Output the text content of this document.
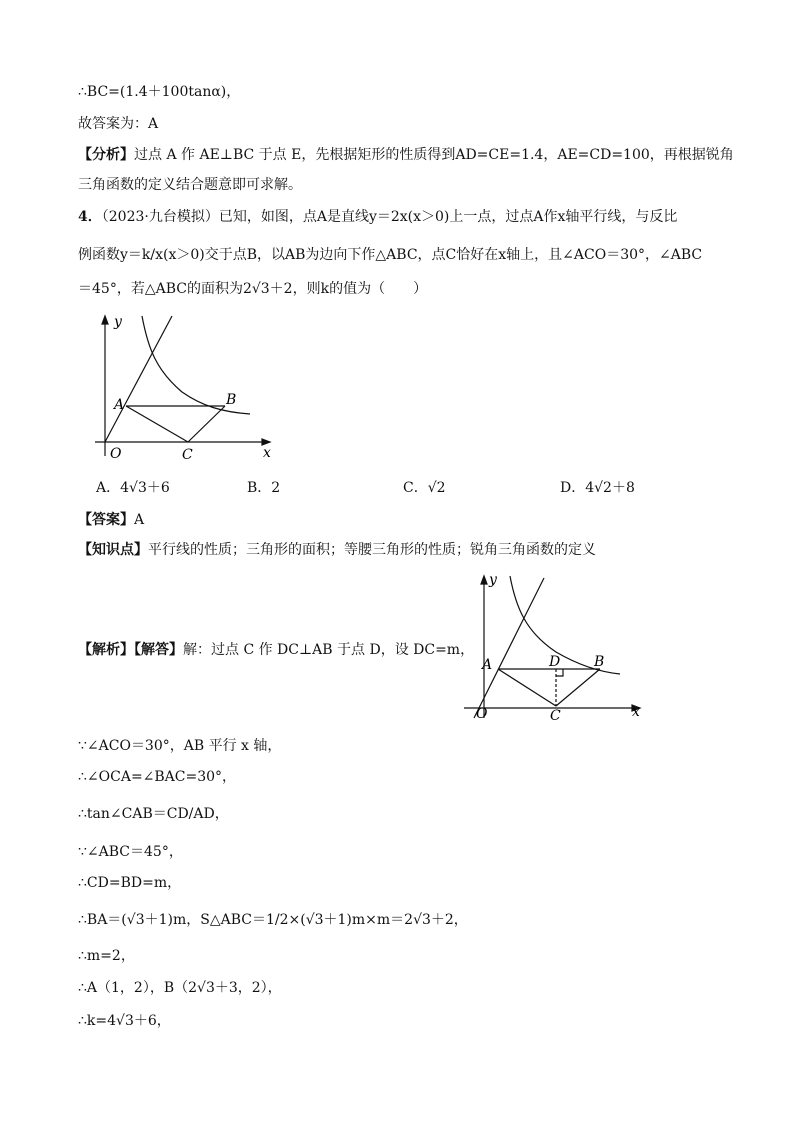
∴BC=(1.4＋100tanα)，
故答案为：A
【分析】过点 A 作 AE⊥BC 于点 E，先根据矩形的性质得到AD=CE=1.4，AE=CD=100，再根据锐角
三角函数的定义结合题意即可求解。
4．（2023·九台模拟）已知，如图，点A是直线y＝2x(x＞0)上一点，过点A作x轴平行线，与反比
例函数y＝k/x(x＞0)交于点B，以AB为边向下作△ABC，点C恰好在x轴上，且∠ACO＝30°，∠ABC
＝45°，若△ABC的面积为2√3＋2，则k的值为（　　）
y
A	B
O	C	x
A．4√3＋6	B．2	C．√2	D．4√2＋8
【答案】A
【知识点】平行线的性质；三角形的面积；等腰三角形的性质；锐角三角函数的定义
【解析】【解答】解：过点 C 作 DC⊥AB 于点 D，设 DC=m，
y
A	D B
O	C	x
∵∠ACO＝30°，AB 平行 x 轴，
∴∠OCA=∠BAC=30°，
∴tan∠CAB＝CD/AD，
∵∠ABC＝45°，
∴CD=BD=m，
∴BA＝(√3＋1)m，S△ABC＝1/2×(√3＋1)m×m＝2√3＋2，
∴m=2，
∴A（1，2），B（2√3＋3，2），
∴k=4√3＋6，
